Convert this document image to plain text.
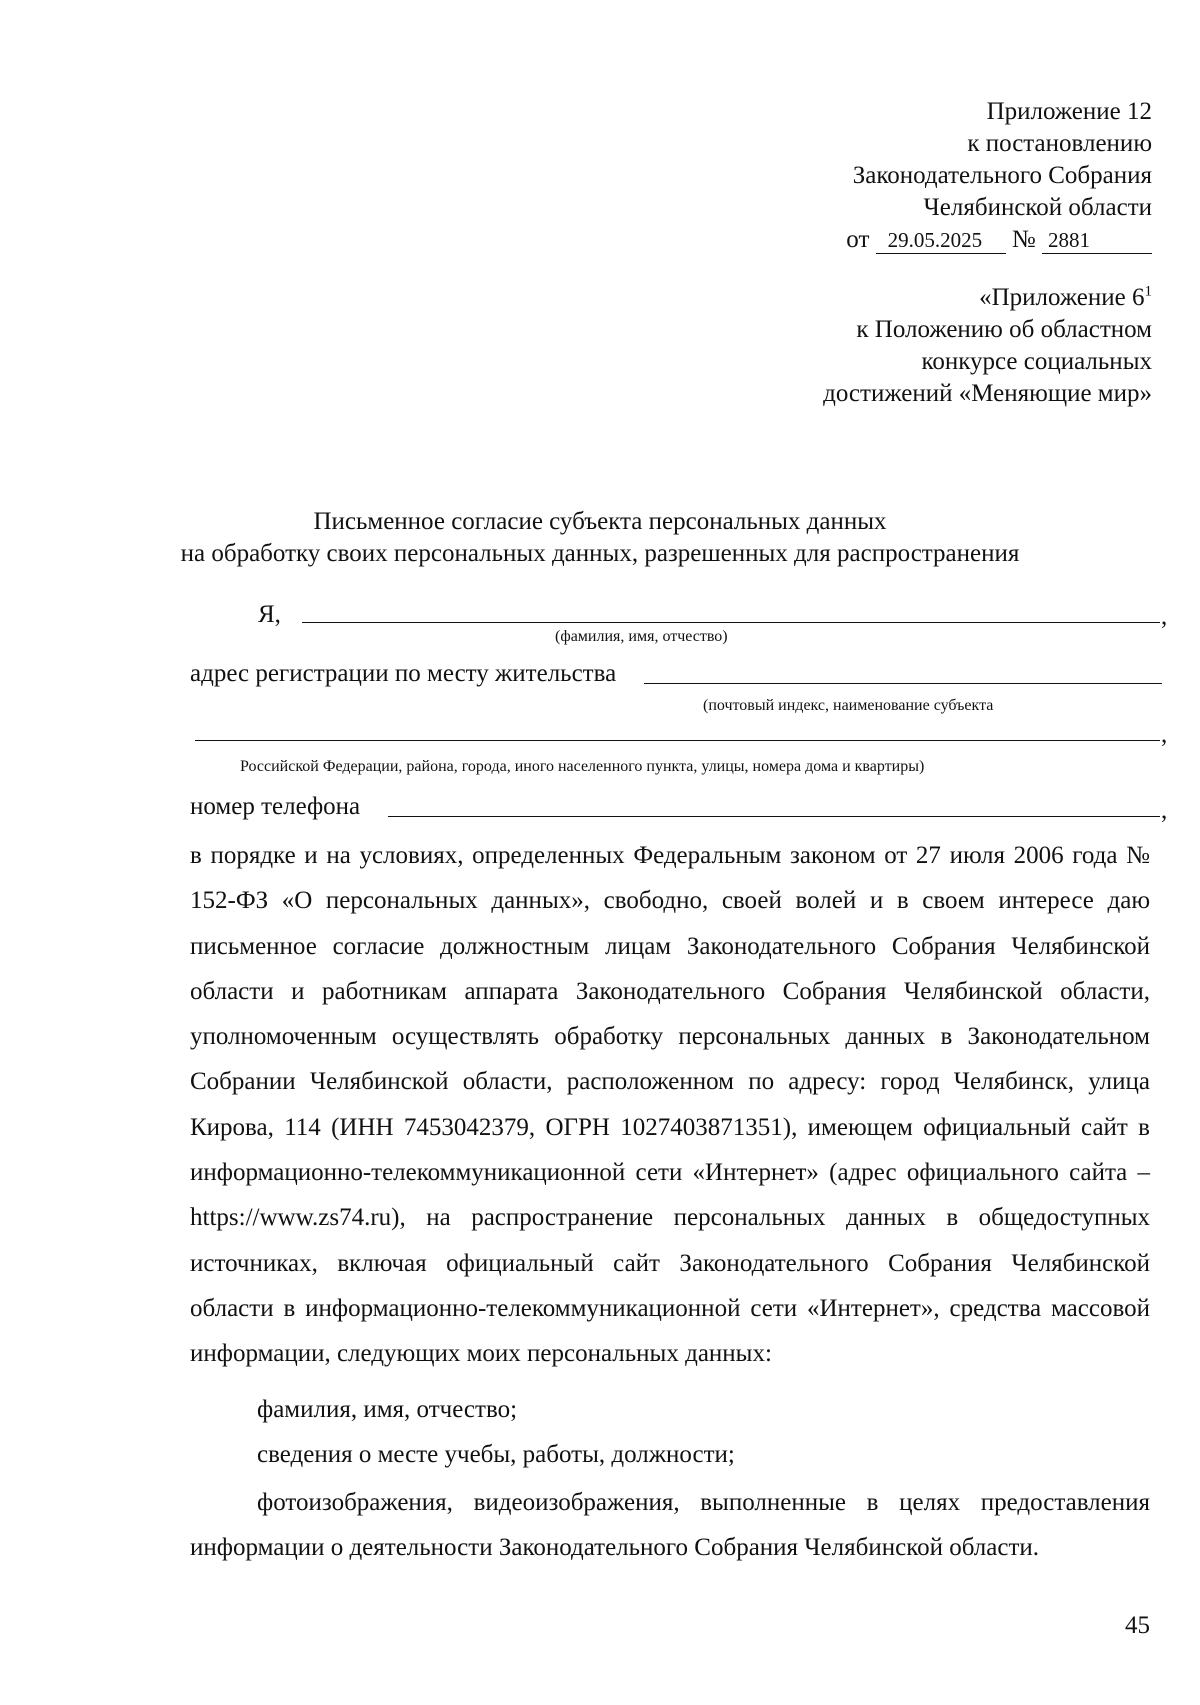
Приложение 12
к постановлению
Законодательного Собрания
Челябинской области
от 29.05.2025 № 2881
«Приложение $6^1$
к Положению об областном
конкурсе социальных
достижений «Меняющие мир»
Письменное согласие субъекта персональных данных
на обработку своих персональных данных, разрешенных для распространения
Я,	,
(фамилия, имя, отчество)
адрес регистрации по месту жительства
(почтовый индекс, наименование субъекта
,
Российской Федерации, района, города, иного населенного пункта, улицы, номера дома и квартиры)
номер телефона	,
в порядке и на условиях, определенных Федеральным законом от 27 июля 2006 года № 152-ФЗ «О персональных данных», свободно, своей волей и в своем интересе даю письменное согласие должностным лицам Законодательного Собрания Челябинской области и работникам аппарата Законодательного Собрания Челябинской области, уполномоченным осуществлять обработку персональных данных в Законодательном Собрании Челябинской области, расположенном по адресу: город Челябинск, улица Кирова, 114 (ИНН 7453042379, ОГРН 1027403871351), имеющем официальный сайт в информационно-телекоммуникационной сети «Интернет» (адрес официального сайта – https://www.zs74.ru), на распространение персональных данных в общедоступных источниках, включая официальный сайт Законодательного Собрания Челябинской области в информационно-телекоммуникационной сети «Интернет», средства массовой информации, следующих моих персональных данных:
фамилия, имя, отчество;
сведения о месте учебы, работы, должности;
фотоизображения, видеоизображения, выполненные в целях предоставления информации о деятельности Законодательного Собрания Челябинской области.
45
